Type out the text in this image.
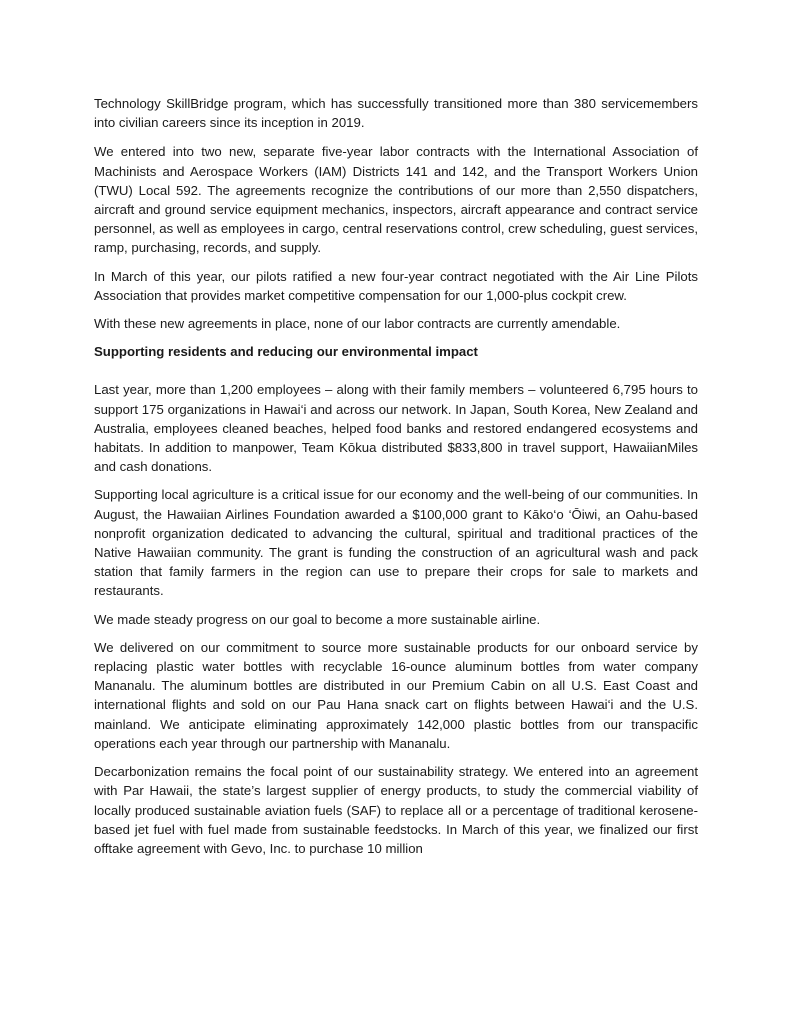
Technology SkillBridge program, which has successfully transitioned more than 380 servicemembers into civilian careers since its inception in 2019.

We entered into two new, separate five-year labor contracts with the International Association of Machinists and Aerospace Workers (IAM) Districts 141 and 142, and the Transport Workers Union (TWU) Local 592. The agreements recognize the contributions of our more than 2,550 dispatchers, aircraft and ground service equipment mechanics, inspectors, aircraft appearance and contract service personnel, as well as employees in cargo, central reservations control, crew scheduling, guest services, ramp, purchasing, records, and supply.

In March of this year, our pilots ratified a new four-year contract negotiated with the Air Line Pilots Association that provides market competitive compensation for our 1,000-plus cockpit crew.

With these new agreements in place, none of our labor contracts are currently amendable.

Supporting residents and reducing our environmental impact

Last year, more than 1,200 employees – along with their family members – volunteered 6,795 hours to support 175 organizations in Hawai‘i and across our network. In Japan, South Korea, New Zealand and Australia, employees cleaned beaches, helped food banks and restored endangered ecosystems and habitats. In addition to manpower, Team Kōkua distributed $833,800 in travel support, HawaiianMiles and cash donations.

Supporting local agriculture is a critical issue for our economy and the well-being of our communities. In August, the Hawaiian Airlines Foundation awarded a $100,000 grant to Kāko‘o ‘Ōiwi, an Oahu-based nonprofit organization dedicated to advancing the cultural, spiritual and traditional practices of the Native Hawaiian community. The grant is funding the construction of an agricultural wash and pack station that family farmers in the region can use to prepare their crops for sale to markets and restaurants.

We made steady progress on our goal to become a more sustainable airline.

We delivered on our commitment to source more sustainable products for our onboard service by replacing plastic water bottles with recyclable 16-ounce aluminum bottles from water company Mananalu. The aluminum bottles are distributed in our Premium Cabin on all U.S. East Coast and international flights and sold on our Pau Hana snack cart on flights between Hawai‘i and the U.S. mainland. We anticipate eliminating approximately 142,000 plastic bottles from our transpacific operations each year through our partnership with Mananalu.

Decarbonization remains the focal point of our sustainability strategy. We entered into an agreement with Par Hawaii, the state’s largest supplier of energy products, to study the commercial viability of locally produced sustainable aviation fuels (SAF) to replace all or a percentage of traditional kerosene-based jet fuel with fuel made from sustainable feedstocks. In March of this year, we finalized our first offtake agreement with Gevo, Inc. to purchase 10 million
